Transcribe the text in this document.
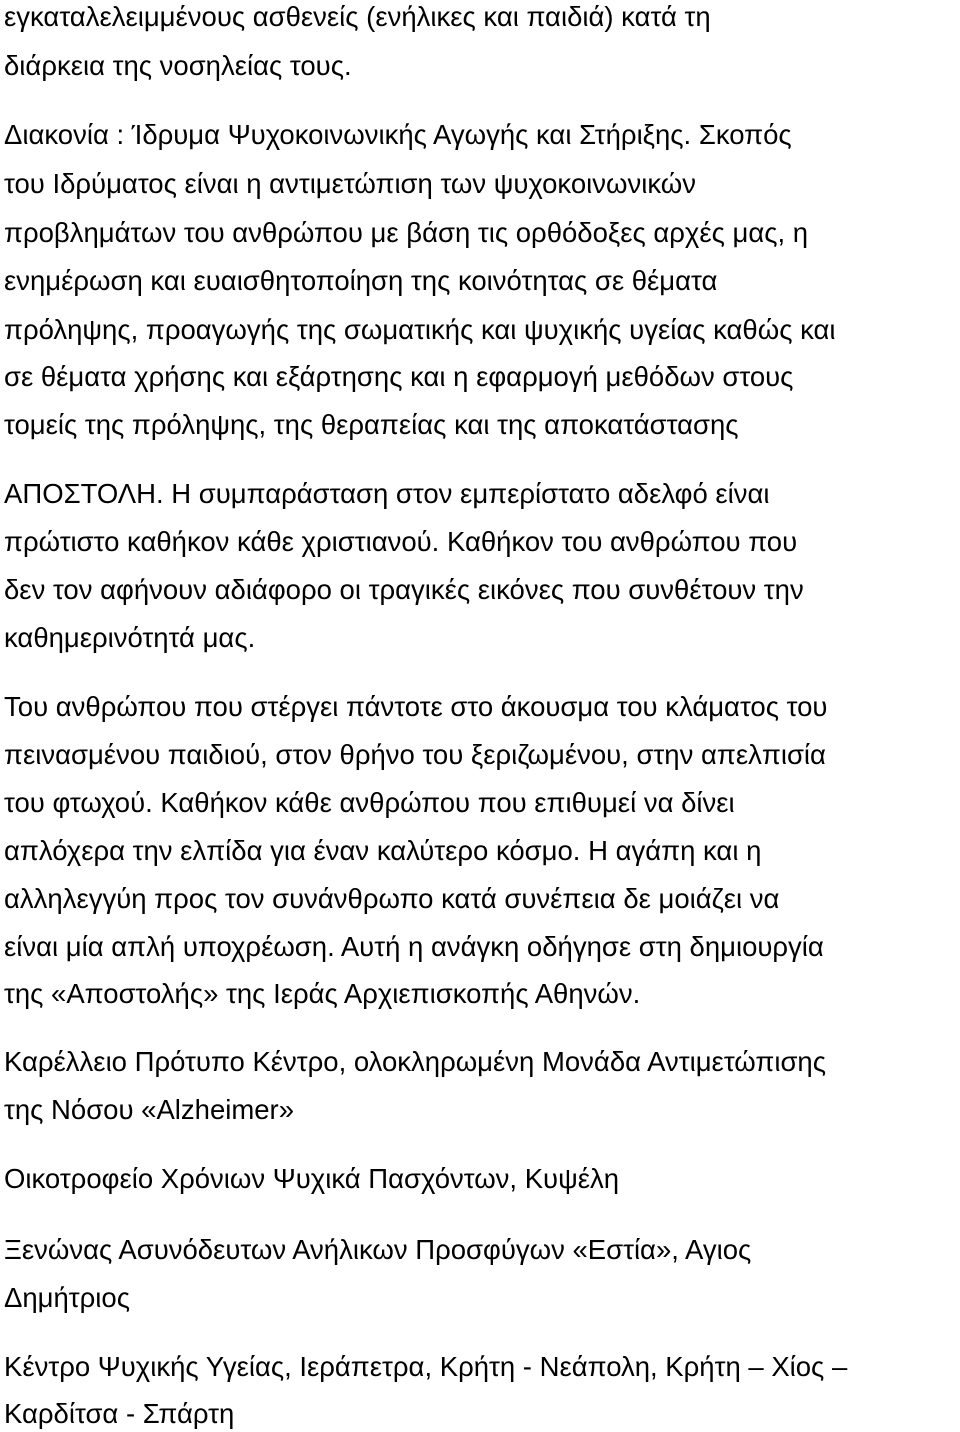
εγκαταλελειμμένους ασθενείς (ενήλικες και παιδιά) κατά τη
διάρκεια της νοσηλείας τους.
Διακονία : Ίδρυμα Ψυχοκοινωνικής Αγωγής και Στήριξης. Σκοπός
του Ιδρύματος είναι η αντιμετώπιση των ψυχοκοινωνικών
προβλημάτων του ανθρώπου με βάση τις ορθόδοξες αρχές μας, η
ενημέρωση και ευαισθητοποίηση της κοινότητας σε θέματα
πρόληψης, προαγωγής της σωματικής και ψυχικής υγείας καθώς και
σε θέματα χρήσης και εξάρτησης και η εφαρμογή μεθόδων στους
τομείς της πρόληψης, της θεραπείας και της αποκατάστασης
ΑΠΟΣΤΟΛΗ. Η συμπαράσταση στον εμπερίστατο αδελφό είναι
πρώτιστο καθήκον κάθε χριστιανού. Καθήκον του ανθρώπου που
δεν τον αφήνουν αδιάφορο οι τραγικές εικόνες που συνθέτουν την
καθημερινότητά μας.
Του ανθρώπου που στέργει πάντοτε στο άκουσμα του κλάματος του
πεινασμένου παιδιού, στον θρήνο του ξεριζωμένου, στην απελπισία
του φτωχού. Καθήκον κάθε ανθρώπου που επιθυμεί να δίνει
απλόχερα την ελπίδα για έναν καλύτερο κόσμο. Η αγάπη και η
αλληλεγγύη προς τον συνάνθρωπο κατά συνέπεια δε μοιάζει να
είναι μία απλή υποχρέωση. Αυτή η ανάγκη οδήγησε στη δημιουργία
της «Αποστολής» της Ιεράς Αρχιεπισκοπής Αθηνών.
Καρέλλειο Πρότυπο Κέντρο, ολοκληρωμένη Μονάδα Αντιμετώπισης
της Νόσου «Alzheimer»
Οικοτροφείο Χρόνιων Ψυχικά Πασχόντων, Κυψέλη
Ξενώνας Ασυνόδευτων Ανήλικων Προσφύγων «Εστία», Αγιος
Δημήτριος
Κέντρο Ψυχικής Υγείας, Ιεράπετρα, Κρήτη - Νεάπολη, Κρήτη – Χίος –
Καρδίτσα - Σπάρτη
